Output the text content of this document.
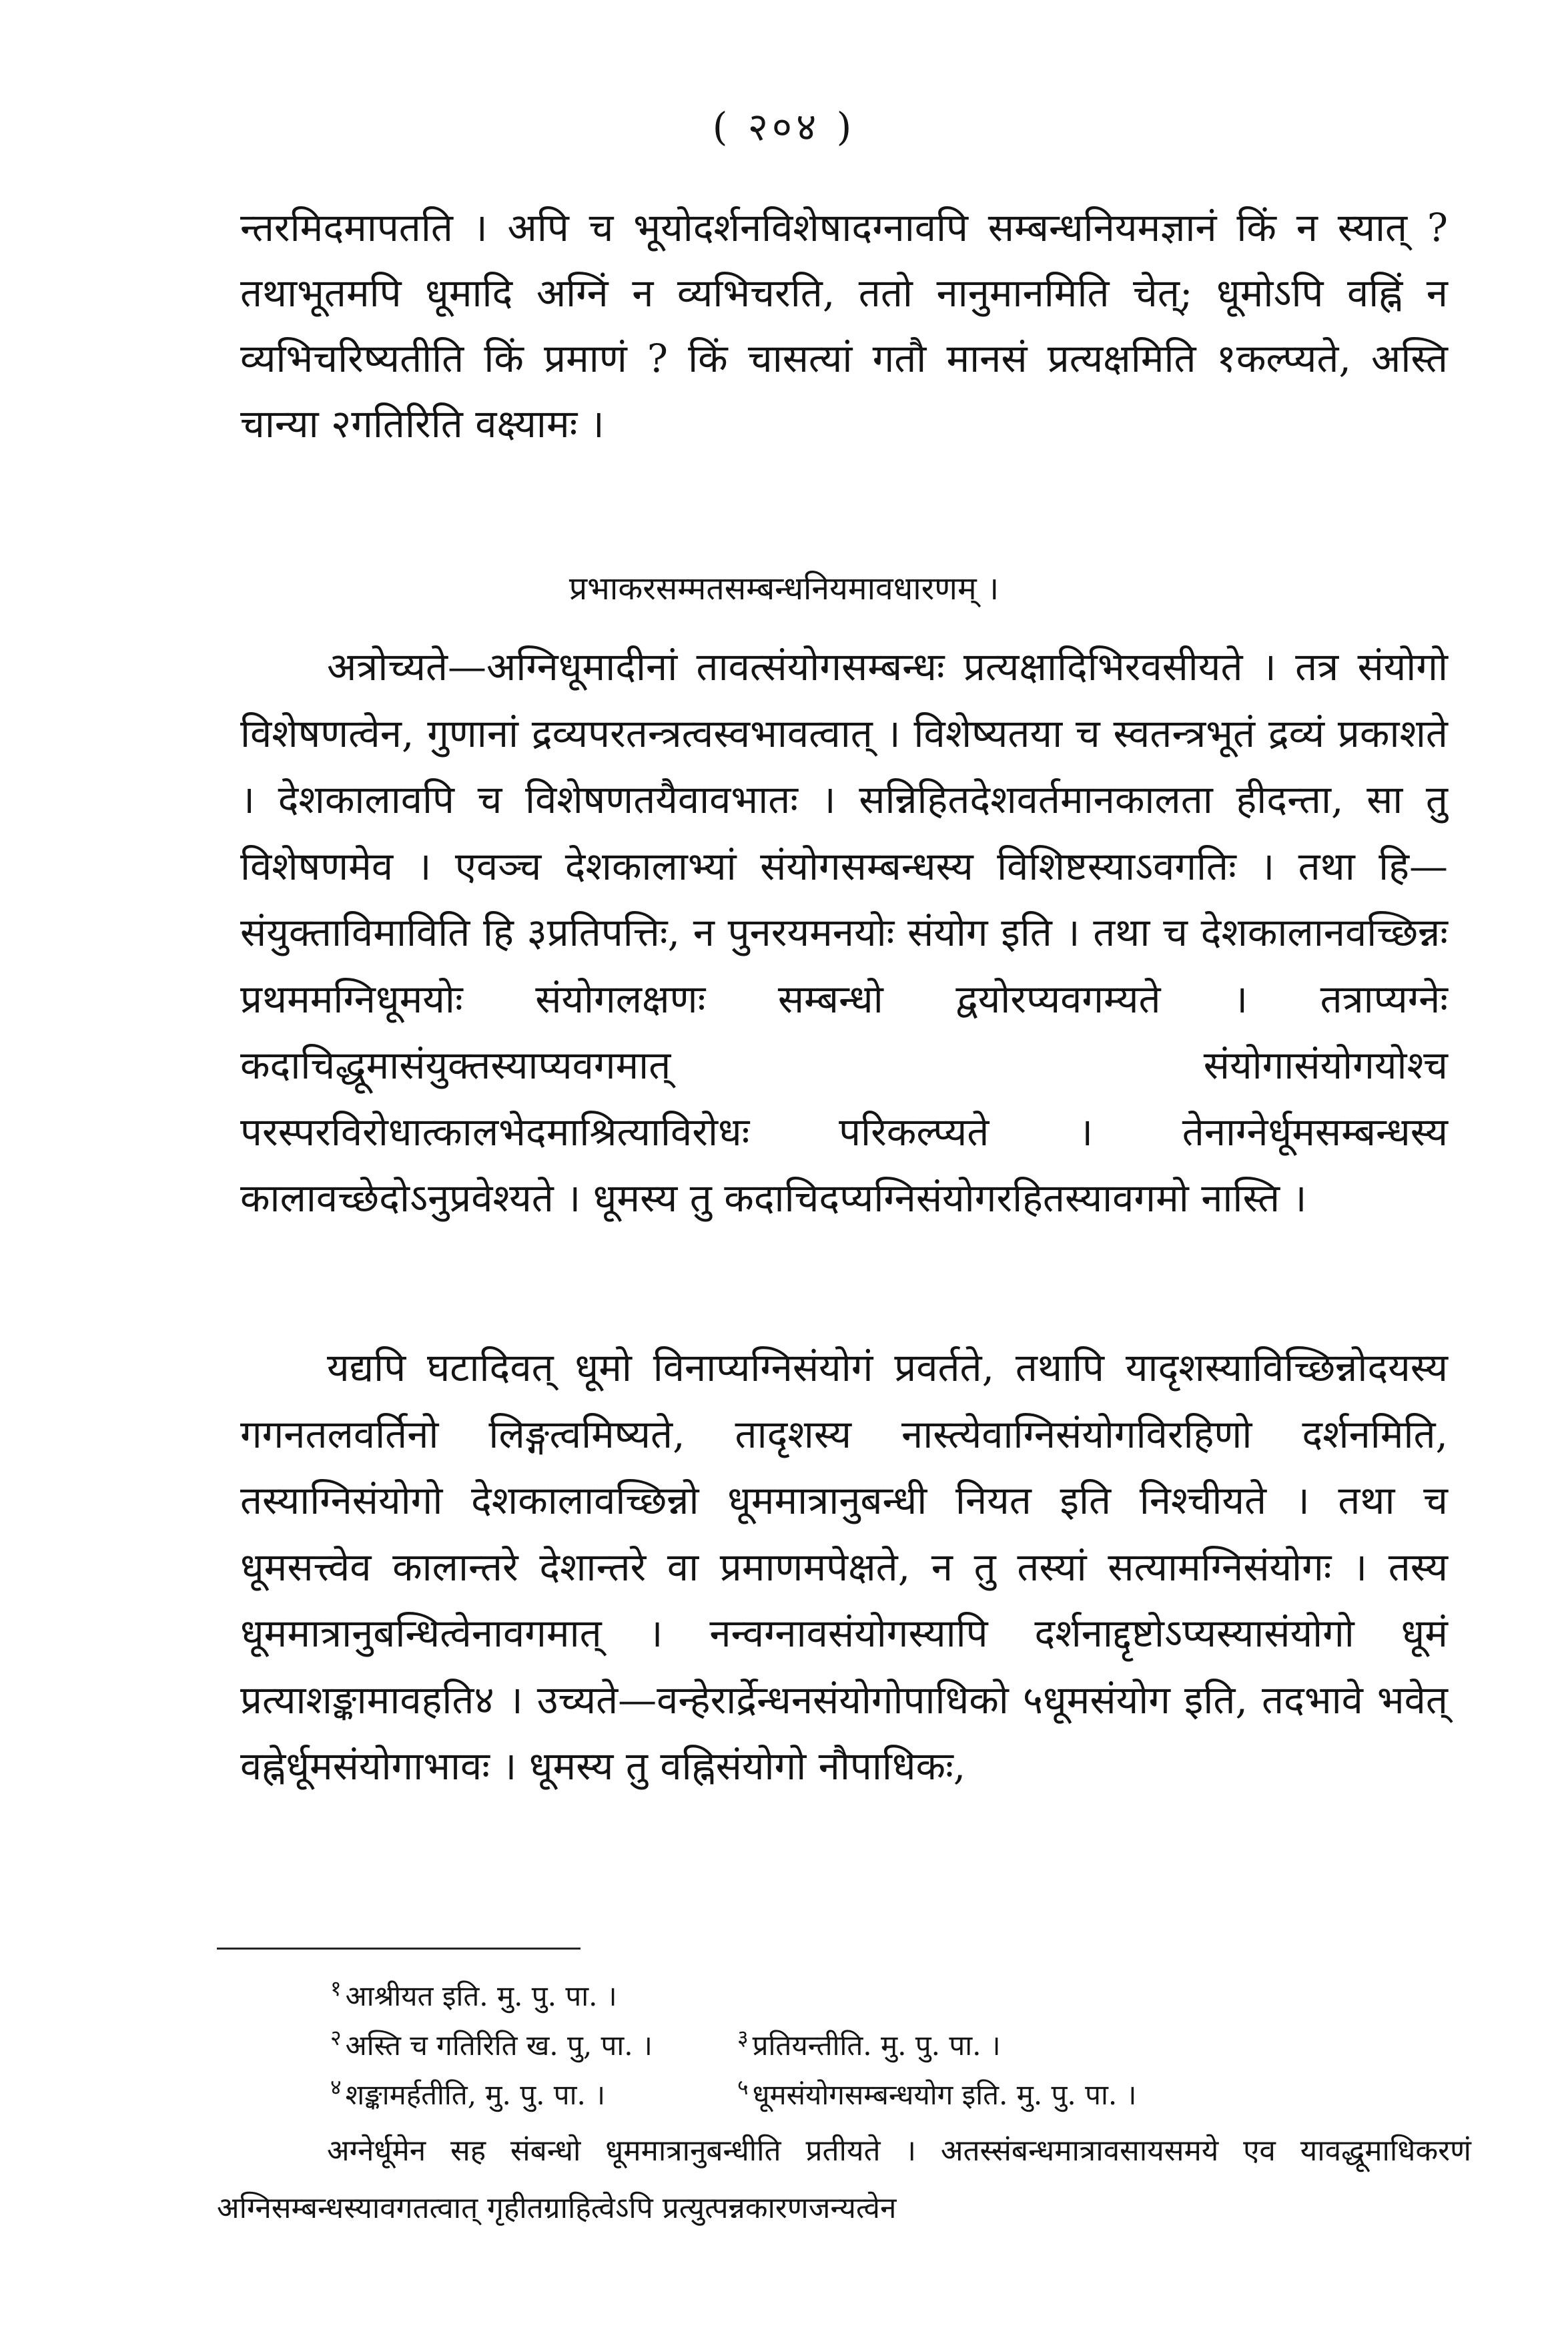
( २०४ )
न्तरमिदमापतति । अपि च भूयोदर्शनविशेषादग्नावपि सम्बन्धनियमज्ञानं किं न स्यात् ? तथाभूतमपि धूमादि अग्निं न व्यभिचरति, ततो नानुमानमिति चेत्; धूमोऽपि वह्निं न व्यभिचरिष्यतीति किं प्रमाणं ? किं चासत्यां गतौ मानसं प्रत्यक्षमिति १कल्प्यते, अस्ति चान्या २गतिरिति वक्ष्यामः ।
प्रभाकरसम्मतसम्बन्धनियमावधारणम् ।
अत्रोच्यते—अग्निधूमादीनां तावत्संयोगसम्बन्धः प्रत्यक्षादिभिरवसीयते । तत्र संयोगो विशेषणत्वेन, गुणानां द्रव्यपरतन्त्रत्वस्वभावत्वात् । विशेष्यतया च स्वतन्त्रभूतं द्रव्यं प्रकाशते । देशकालावपि च विशेषणतयैवावभातः । सन्निहितदेशवर्तमानकालता हीदन्ता, सा तु विशेषणमेव । एवञ्च देशकालाभ्यां संयोगसम्बन्धस्य विशिष्टस्याऽवगतिः । तथा हि—संयुक्ताविमाविति हि ३प्रतिपत्तिः, न पुनरयमनयोः संयोग इति । तथा च देशकालानवच्छिन्नः प्रथममग्निधूमयोः संयोगलक्षणः सम्बन्धो द्वयोरप्यवगम्यते । तत्राप्यग्नेः कदाचिद्धूमासंयुक्तस्याप्यवगमात् संयोगासंयोगयोश्च परस्परविरोधात्कालभेदमाश्रित्याविरोधः परिकल्प्यते । तेनाग्नेर्धूमसम्बन्धस्य कालावच्छेदोऽनुप्रवेश्यते । धूमस्य तु कदाचिदप्यग्निसंयोगरहितस्यावगमो नास्ति ।
यद्यपि घटादिवत् धूमो विनाप्यग्निसंयोगं प्रवर्तते, तथापि यादृशस्याविच्छिन्नोदयस्य गगनतलवर्तिनो लिङ्गत्वमिष्यते, तादृशस्य नास्त्येवाग्निसंयोगविरहिणो दर्शनमिति, तस्याग्निसंयोगो देशकालावच्छिन्नो धूममात्रानुबन्धी नियत इति निश्चीयते । तथा च धूमसत्त्वेव कालान्तरे देशान्तरे वा प्रमाणमपेक्षते, न तु तस्यां सत्यामग्निसंयोगः । तस्य धूममात्रानुबन्धित्वेनावगमात् । नन्वग्नावसंयोगस्यापि दर्शनाद्दृष्टोऽप्यस्यासंयोगो धूमं प्रत्याशङ्कामावहति४ । उच्यते—वन्हेरार्द्रेन्धनसंयोगोपाधिको ५धूमसंयोग इति, तदभावे भवेत् वह्नेर्धूमसंयोगाभावः । धूमस्य तु वह्निसंयोगो नौपाधिकः,
$^१$ आश्रीयत इति. मु. पु. पा. ।
$^२$ अस्ति च गतिरिति ख. पु, पा. ।	$^३$ प्रतियन्तीति. मु. पु. पा. ।
$^४$ शङ्कामर्हतीति, मु. पु. पा. ।	$^५$ धूमसंयोगसम्बन्धयोग इति. मु. पु. पा. ।
अग्नेर्धूमेन सह संबन्धो धूममात्रानुबन्धीति प्रतीयते । अतस्संबन्धमात्रावसायसमये एव यावद्धूमाधिकरणं अग्निसम्बन्धस्यावगतत्वात् गृहीतग्राहित्वेऽपि प्रत्युत्पन्नकारणजन्यत्वेन
